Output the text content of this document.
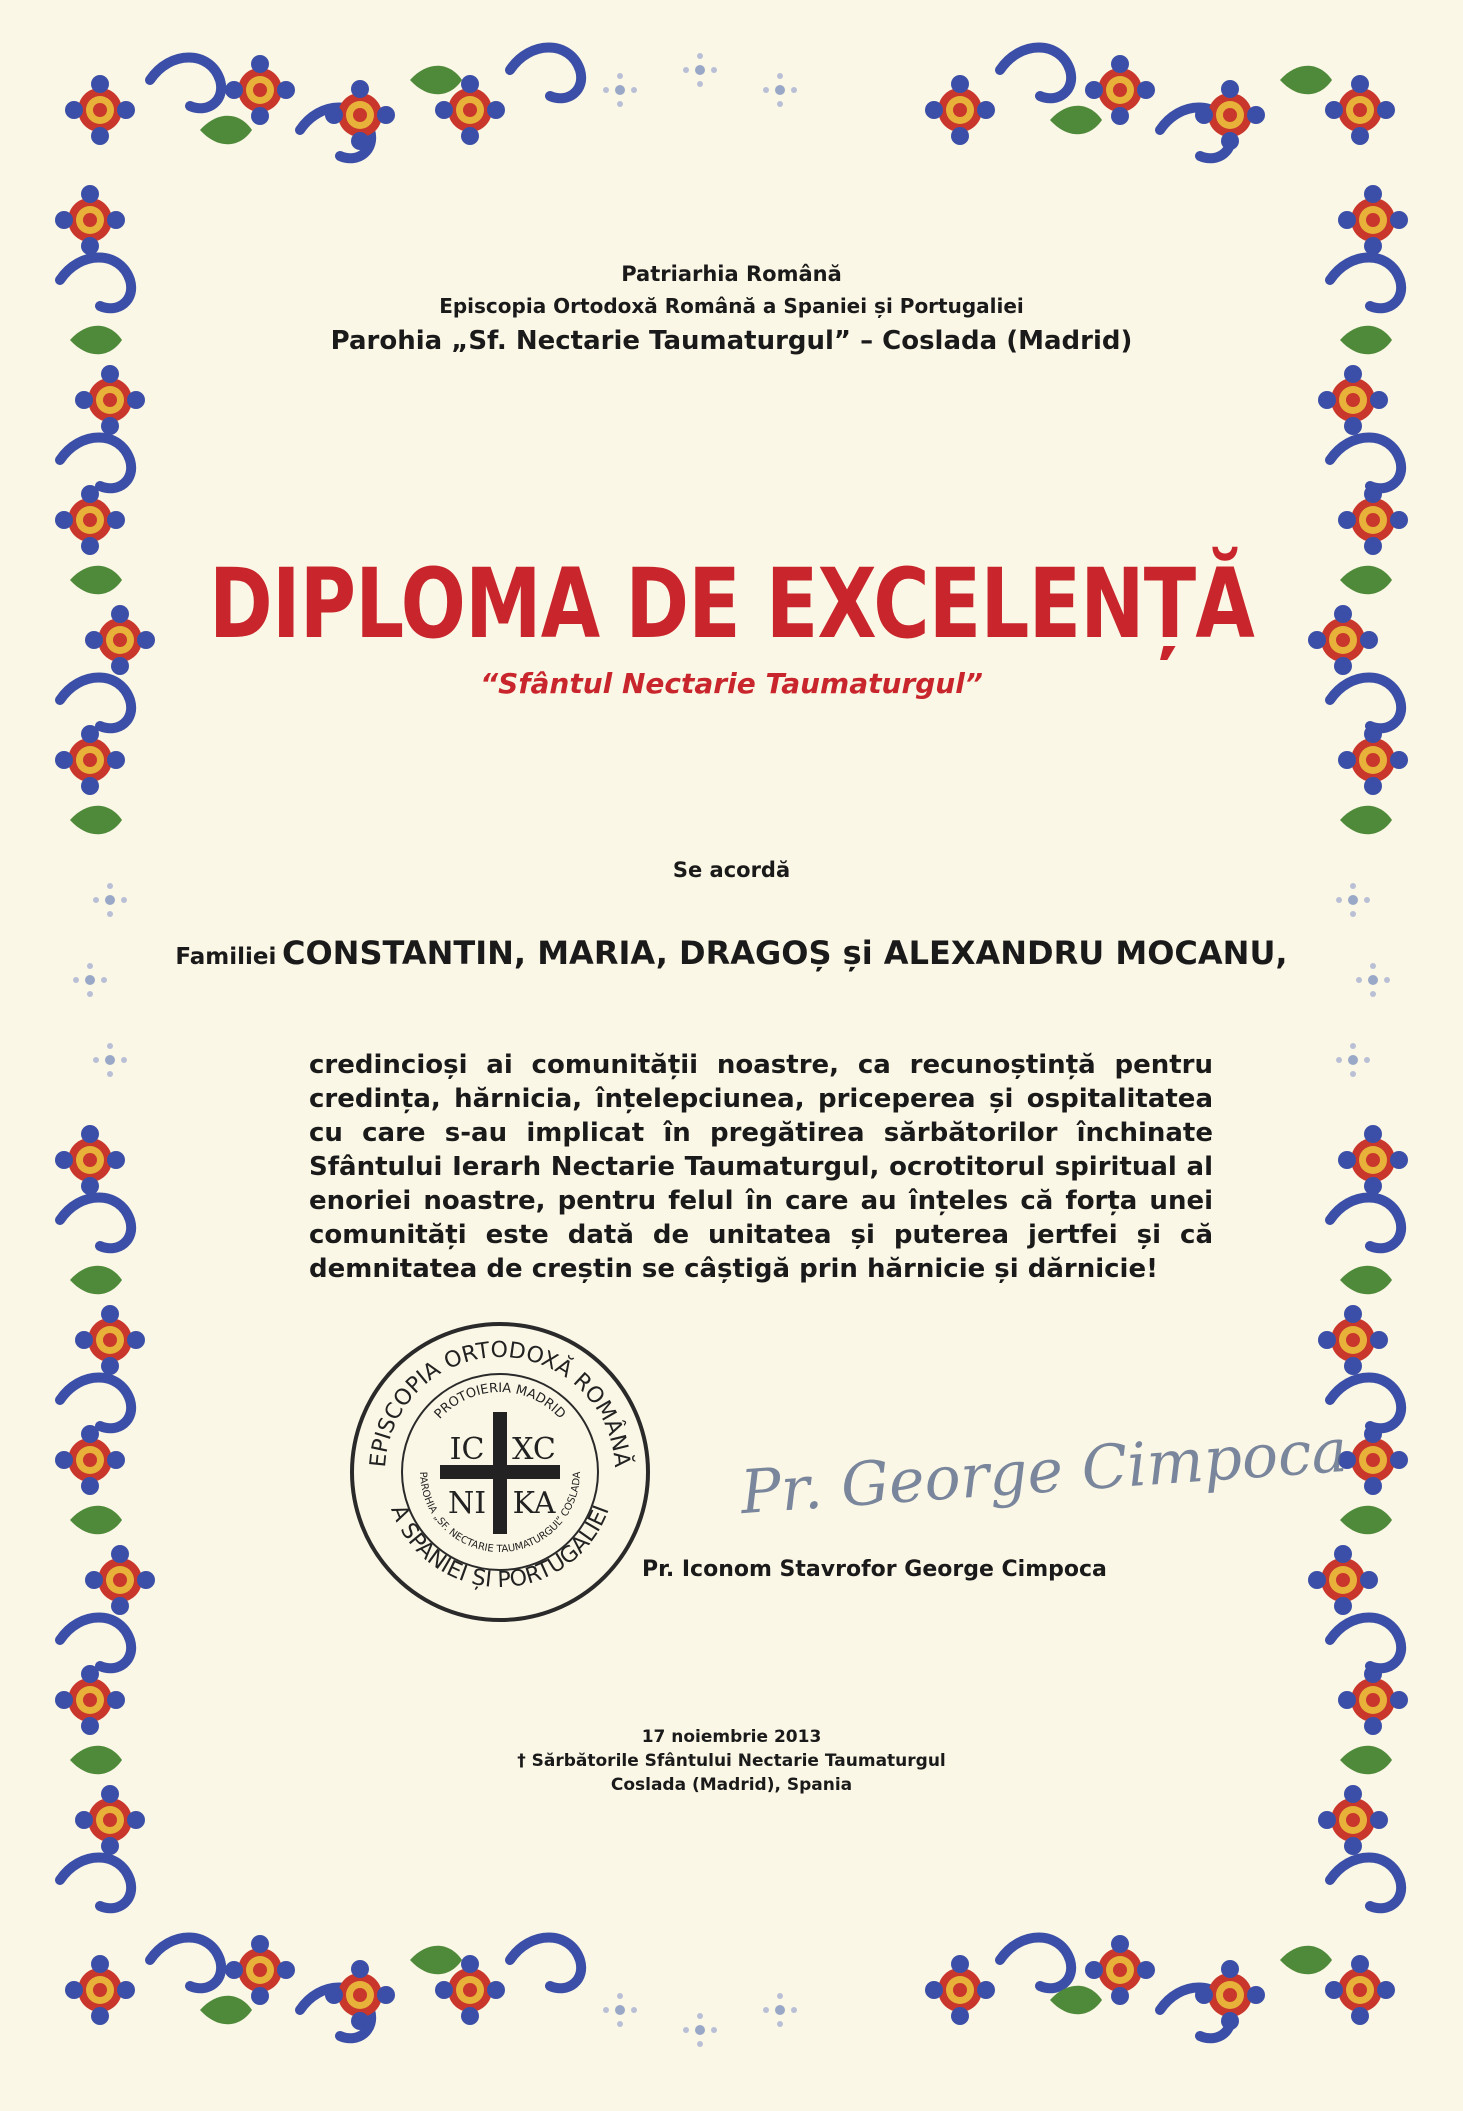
Patriarhia Română
Episcopia Ortodoxă Română a Spaniei și Portugaliei
Parohia „Sf. Nectarie Taumaturgul” – Coslada (Madrid)
DIPLOMA DE EXCELENȚĂ
“Sfântul Nectarie Taumaturgul”
Se acordă
Familiei CONSTANTIN, MARIA, DRAGOȘ și ALEXANDRU MOCANU,
credincioși ai comunității noastre, ca recunoștință pentru credința, hărnicia, înțelepciunea, priceperea și ospitalitatea cu care s-au implicat în pregătirea sărbătorilor închinate Sfântului Ierarh Nectarie Taumaturgul, ocrotitorul spiritual al enoriei noastre, pentru felul în care au înțeles că forța unei comunități este dată de unitatea și puterea jertfei și că demnitatea de creștin se câștigă prin hărnicie și dărnicie!
EPISCOPIA ORTODOXĂ ROMÂNĂ
A SPANIEI ȘI PORTUGALIEI
PROTOIERIA MADRID
PAROHIA „SF. NECTARIE TAUMATURGUL” COSLADA
IC XC
NI KA	Pr. George Cimpoca
Pr. Iconom Stavrofor George Cimpoca
17 noiembrie 2013
† Sărbătorile Sfântului Nectarie Taumaturgul
Coslada (Madrid), Spania
